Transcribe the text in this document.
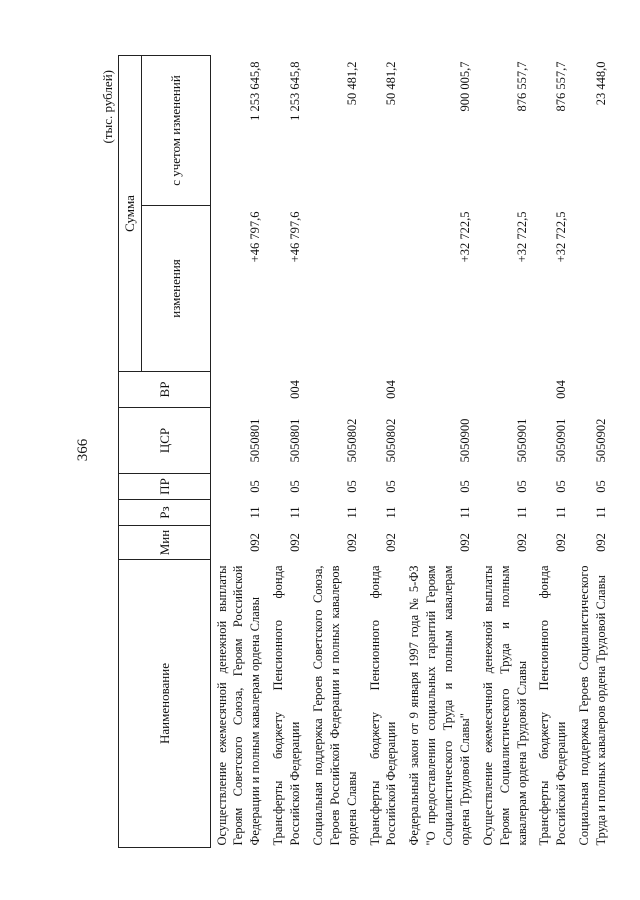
366
(тыс. рублей)
Наименование	Мин	Рз	ПР	ЦСР	ВР	Сумма	
						изменения	с учетом изменений
Осуществление ежемесячной денежной выплаты Героям Советского Союза, Героям Российской Федерации и полным кавалерам ордена Славы	092	11	05	5050801		+46 797,6	1 253 645,8
Трансферты бюджету Пенсионного фонда Российской Федерации	092	11	05	5050801	004	+46 797,6	1 253 645,8
Социальная поддержка Героев Советского Союза, Героев Российской Федерации и полных кавалеров ордена Славы	092	11	05	5050802			50 481,2
Трансферты бюджету Пенсионного фонда Российской Федерации	092	11	05	5050802	004		50 481,2
Федеральный закон от 9 января 1997 года № 5-ФЗ "О предоставлении социальных гарантий Героям Социалистического Труда и полным кавалерам ордена Трудовой Славы"	092	11	05	5050900		+32 722,5	900 005,7
Осуществление ежемесячной денежной выплаты Героям Социалистического Труда и полным кавалерам ордена Трудовой Славы	092	11	05	5050901		+32 722,5	876 557,7
Трансферты бюджету Пенсионного фонда Российской Федерации	092	11	05	5050901	004	+32 722,5	876 557,7
Социальная поддержка Героев Социалистического Труда и полных кавалеров ордена Трудовой Славы	092	11	05	5050902			23 448,0
